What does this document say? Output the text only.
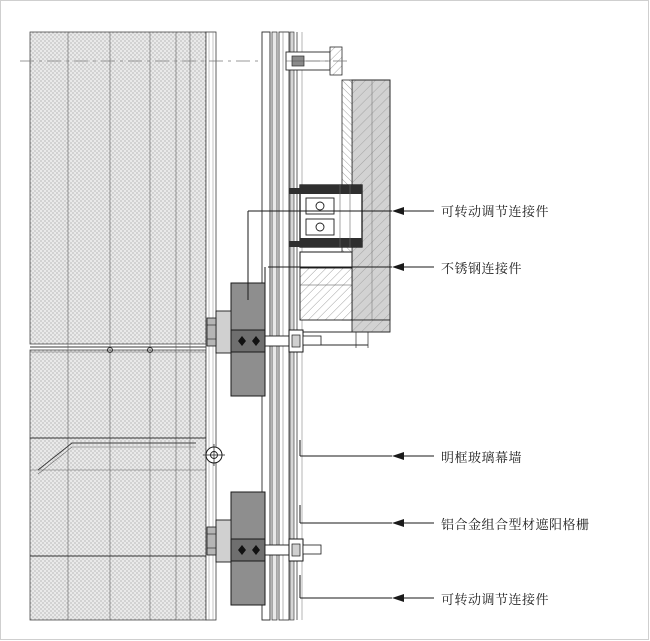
可转动调节连接件
不锈钢连接件
明框玻璃幕墙
铝合金组合型材遮阳格栅
可转动调节连接件
